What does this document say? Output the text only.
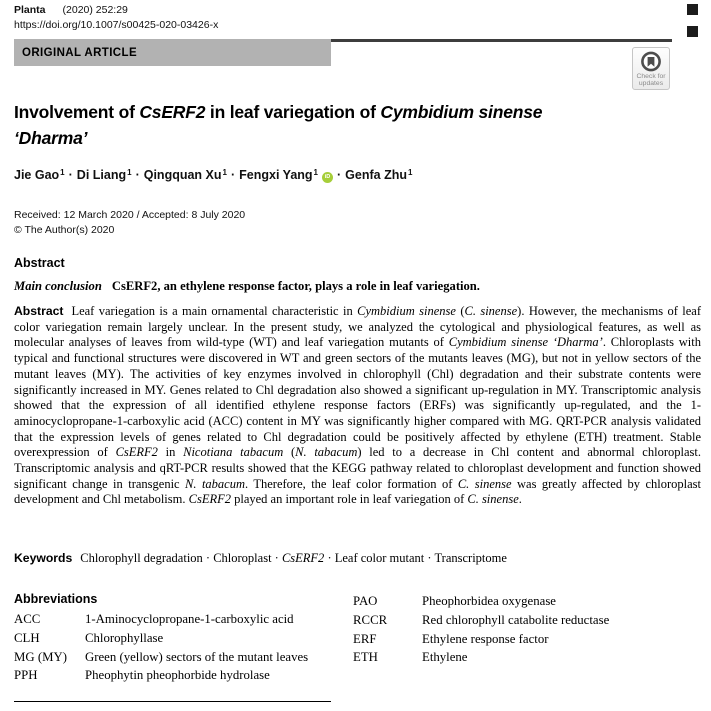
Planta (2020) 252:29
https://doi.org/10.1007/s00425-020-03426-x
ORIGINAL ARTICLE
Check for
updates
Involvement of CsERF2 in leaf variegation of Cymbidium sinense
‘Dharma’
Jie Gao$^1$ · Di Liang$^1$ · Qingquan $Xu^1$ · Fengxi Yang$^1$iD · Genfa Zhu$^1$
Received: 12 March 2020 / Accepted: 8 July 2020
© The Author(s) 2020
Abstract
Main conclusion CsERF2, an ethylene response factor, plays a role in leaf variegation.
Abstract Leaf variegation is a main ornamental characteristic in Cymbidium sinense (C. sinense). However, the mechanisms of leaf color variegation remain largely unclear. In the present study, we analyzed the cytological and physiological features, as well as molecular analyses of leaves from wild-type (WT) and leaf variegation mutants of Cymbidium sinense ‘Dharma’. Chloroplasts with typical and functional structures were discovered in WT and green sectors of the mutants leaves (MG), but not in yellow sectors of the mutant leaves (MY). The activities of key enzymes involved in chlorophyll (Chl) degradation and their substrate contents were significantly increased in MY. Genes related to Chl degradation also showed a significant up-regulation in MY. Transcriptomic analysis showed that the expression of all identified ethylene response factors (ERFs) was significantly up-regulated, and the 1-aminocyclopropane-1-carboxylic acid (ACC) content in MY was significantly higher compared with MG. QRT-PCR analysis validated that the expression levels of genes related to Chl degradation could be positively affected by ethylene (ETH) treatment. Stable overexpression of CsERF2 in Nicotiana tabacum (N. tabacum) led to a decrease in Chl content and abnormal chloroplast. Transcriptomic analysis and qRT-PCR results showed that the KEGG pathway related to chloroplast development and function showed significant change in transgenic N. tabacum. Therefore, the leaf color formation of C. sinense was greatly affected by chloroplast development and Chl metabolism. CsERF2 played an important role in leaf variegation of C. sinense.
Keywords Chlorophyll degradation · Chloroplast · CsERF2 · Leaf color mutant · Transcriptome
Abbreviations
ACC	1-Aminocyclopropane-1-carboxylic acid
CLH	Chlorophyllase
MG (MY)	Green (yellow) sectors of the mutant leaves
PPH	Pheophytin pheophorbide hydrolase
PAO	Pheophorbidea oxygenase
RCCR	Red chlorophyll catabolite reductase
ERF	Ethylene response factor
ETH	Ethylene
